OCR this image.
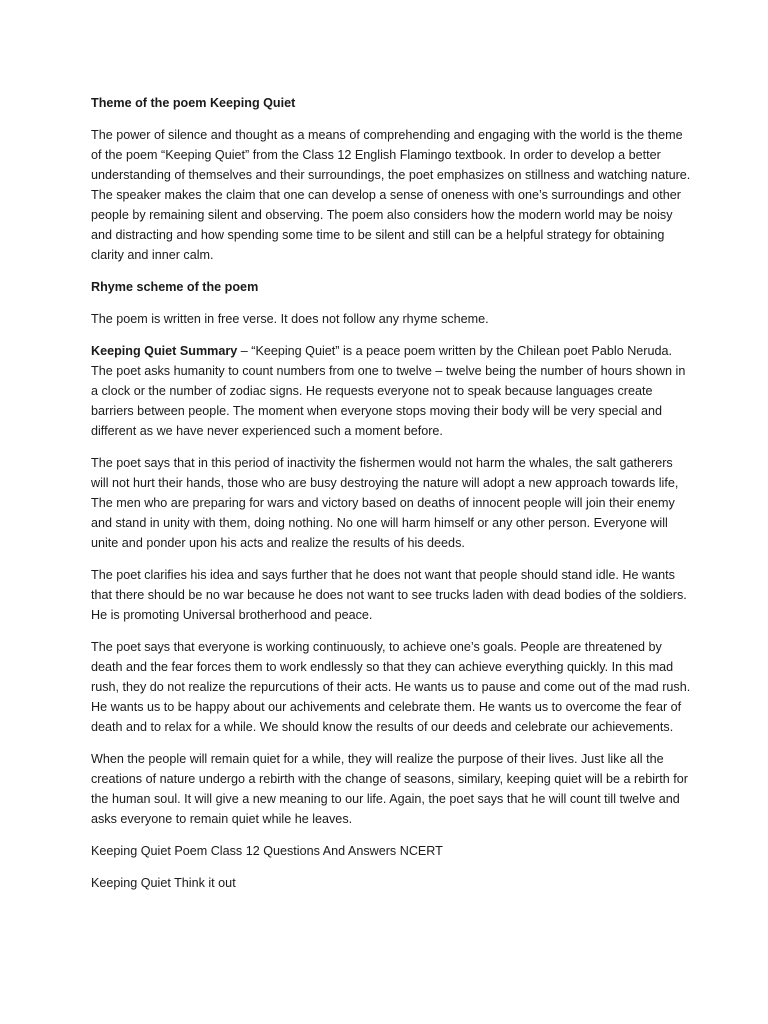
Theme of the poem Keeping Quiet

The power of silence and thought as a means of comprehending and engaging with the world is the theme of the poem “Keeping Quiet” from the Class 12 English Flamingo textbook. In order to develop a better understanding of themselves and their surroundings, the poet emphasizes on stillness and watching nature. The speaker makes the claim that one can develop a sense of oneness with one’s surroundings and other people by remaining silent and observing. The poem also considers how the modern world may be noisy and distracting and how spending some time to be silent and still can be a helpful strategy for obtaining clarity and inner calm.

Rhyme scheme of the poem

The poem is written in free verse. It does not follow any rhyme scheme.

Keeping Quiet Summary – “Keeping Quiet” is a peace poem written by the Chilean poet Pablo Neruda. The poet asks humanity to count numbers from one to twelve – twelve being the number of hours shown in a clock or the number of zodiac signs. He requests everyone not to speak because languages create barriers between people. The moment when everyone stops moving their body will be very special and different as we have never experienced such a moment before.

The poet says that in this period of inactivity the fishermen would not harm the whales, the salt gatherers will not hurt their hands, those who are busy destroying the nature will adopt a new approach towards life, The men who are preparing for wars and victory based on deaths of innocent people will join their enemy and stand in unity with them, doing nothing. No one will harm himself or any other person. Everyone will unite and ponder upon his acts and realize the results of his deeds.

The poet clarifies his idea and says further that he does not want that people should stand idle. He wants that there should be no war because he does not want to see trucks laden with dead bodies of the soldiers. He is promoting Universal brotherhood and peace.

The poet says that everyone is working continuously, to achieve one’s goals. People are threatened by death and the fear forces them to work endlessly so that they can achieve everything quickly. In this mad rush, they do not realize the repurcutions of their acts. He wants us to pause and come out of the mad rush. He wants us to be happy about our achivements and celebrate them. He wants us to overcome the fear of death and to relax for a while. We should know the results of our deeds and celebrate our achievements.

When the people will remain quiet for a while, they will realize the purpose of their lives. Just like all the creations of nature undergo a rebirth with the change of seasons, similary, keeping quiet will be a rebirth for the human soul. It will give a new meaning to our life. Again, the poet says that he will count till twelve and asks everyone to remain quiet while he leaves.

Keeping Quiet Poem Class 12 Questions And Answers NCERT

Keeping Quiet Think it out
